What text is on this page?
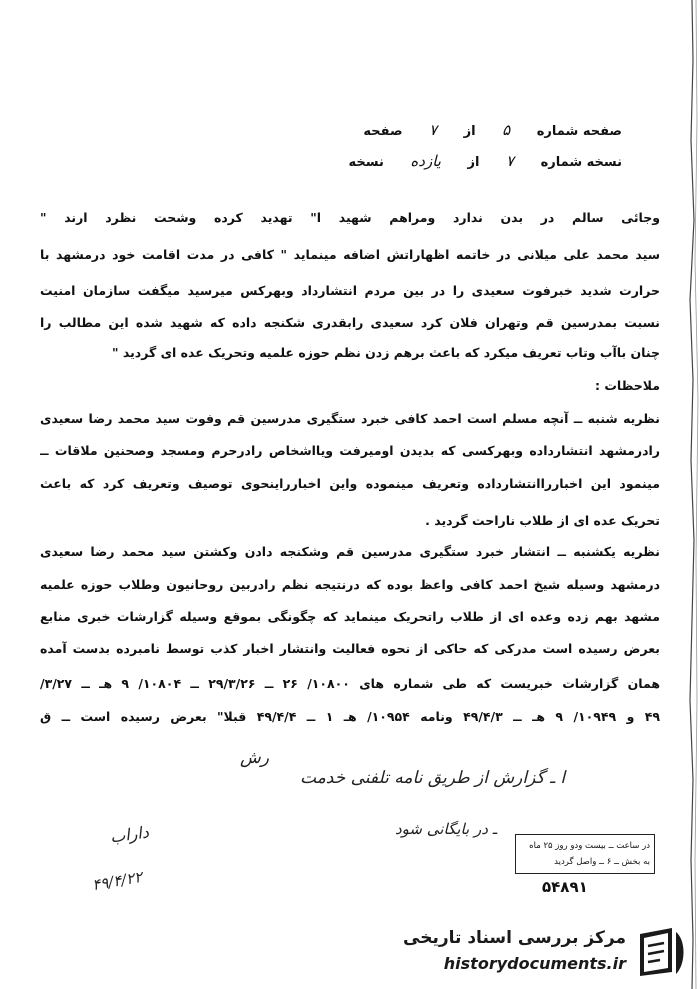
صفحه شماره ۵ از ۷ صفحه
نسخه شماره ۷ از یازده نسخه
وجائی سالم در بدن ندارد ومراهم شهید ا" تهدید کرده وشحت نظرد ارند "
سید محمد علی میلانی در خاتمه اظهاراتش اضافه مینماید " کافی در مدت اقامت خود درمشهد با
حرارت شدید خبرفوت سعیدی را در بین مردم انتشارداد وبهرکس میرسید میگفت سازمان امنیت
نسبت بمدرسین قم وتهران فلان کرد سعیدی رابقدری شکنجه داده که شهید شده این مطالب را
چنان باآب وتاب تعریف میکرد که باعث برهم زدن نظم حوزه علمیه وتحریک عده ای گردید "
ملاحظات :
نظریه شنبه ــ آنچه مسلم است احمد کافی خبرد ستگیری مدرسین قم وفوت سید محمد رضا سعیدی
رادرمشهد انتشارداده وبهرکسی که بدیدن اومیرفت ویااشخاص رادرحرم ومسجد وصحنین ملاقات ــ
مینمود این اخبارراانتشارداده وتعریف مینموده واین اخبارراینحوی توصیف وتعریف کرد که باعث
تحریک عده ای از طلاب ناراحت گردید .
نظریه یکشنبه ــ انتشار خبرد ستگیری مدرسین قم وشکنجه دادن وکشتن سید محمد رضا سعیدی
درمشهد وسیله شیخ احمد کافی واعظ بوده که درنتیجه نظم رادربین روحانیون وطلاب حوزه علمیه
مشهد بهم زده وعده ای از طلاب راتحریک مینماید که چگونگی بموقع وسیله گزارشات خبری منابع
بعرض رسیده است مدرکی که حاکی از نحوه فعالیت وانتشار اخبار کذب توسط نامبرده بدست آمده
همان گزارشات خبریست که طی شماره های ۱۰۸۰۰/ ۲۶ ــ ۲۹/۳/۲۶ ــ ۱۰۸۰۴/ ۹ هـ ــ ۳/۲۷/
۴۹ و ۱۰۹۴۹/ ۹ هـ ــ ۴۹/۴/۳ ونامه ۱۰۹۵۴/ هـ ۱ ــ ۴۹/۴/۴ قبلا" بعرض رسیده است ــ ق
رش
ا ـ گزارش از طریق نامه تلفنی خدمت
ـ در بایگانی شود
داراب
۴۹/۴/۲۲
در ساعت ــ بیست ودو روز ۲۵ ماه
به بخش ــ ۶ ــ واصل گردید
۵۴۸۹۱
مرکز بررسی اسناد تاریخی
historydocuments.ir
